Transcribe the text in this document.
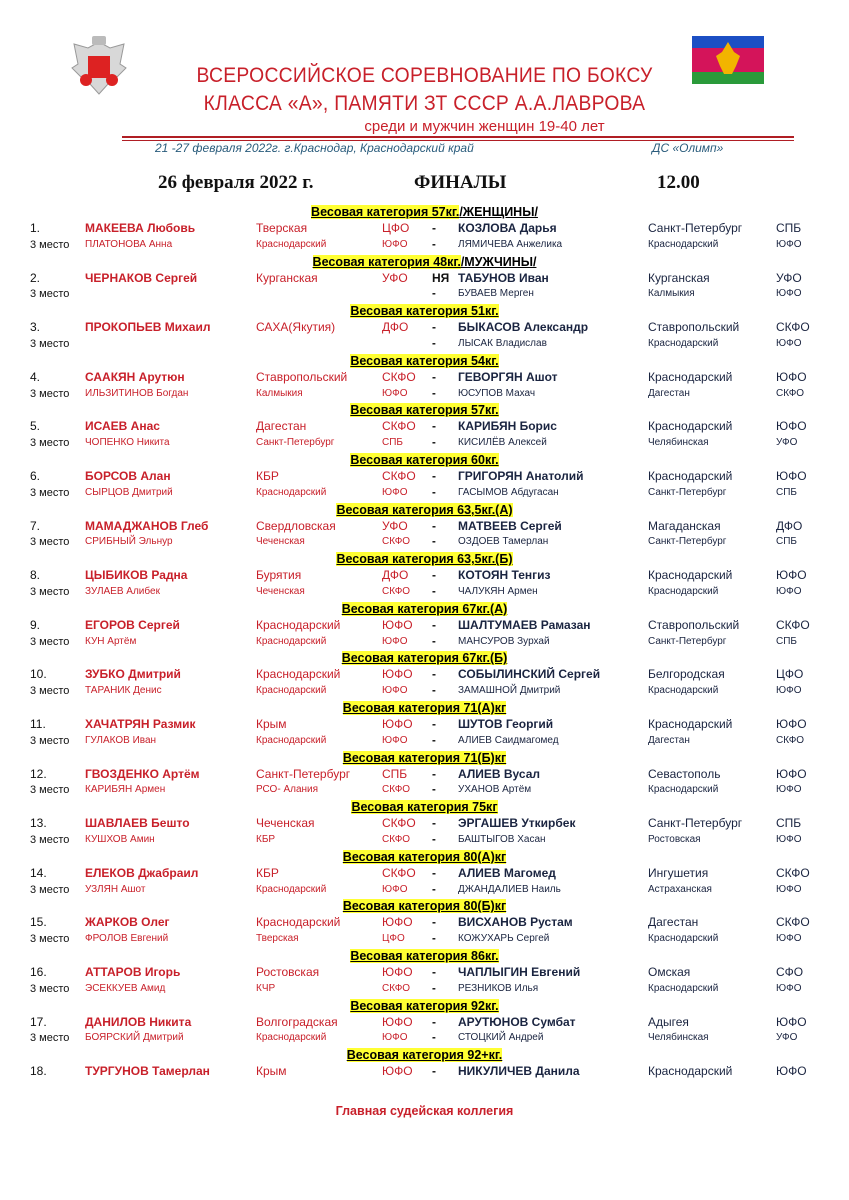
ВСЕРОССИЙСКОЕ СОРЕВНОВАНИЕ ПО БОКСУ
КЛАССА «А», ПАМЯТИ ЗТ СССР А.А.ЛАВРОВА
среди и мужчин женщин 19-40 лет
21 -27 февраля 2022г. г.Краснодар, Краснодарский край	ДС «Олимп»
26 февраля 2022 г.	ФИНАЛЫ	12.00
Весовая категория 57кг./ЖЕНЩИНЫ/
1.	МАКЕЕВА Любовь	Тверская	ЦФО - КОЗЛОВА Дарья	Санкт-Петербург	СПБ
3 место ПЛАТОНОВА Анна	Краснодарский	ЮФО - ЛЯМИЧЕВА Анжелика	Краснодарский	ЮФО
Весовая категория 48кг./МУЖЧИНЫ/
2.	ЧЕРНАКОВ Сергей	Курганская	УФО НЯ ТАБУНОВ Иван	Курганская	УФО
3 место	- БУВАЕВ Мерген	Калмыкия	ЮФО
Весовая категория 51кг.
3.	ПРОКОПЬЕВ Михаил	САХА(Якутия)	ДФО - БЫКАСОВ Александр	Ставропольский	СКФО
3 место	- ЛЫСАК Владислав	Краснодарский	ЮФО
Весовая категория 54кг.
4.	СААКЯН Арутюн	Ставропольский	СКФО - ГЕВОРГЯН Ашот	Краснодарский	ЮФО
3 место ИЛЬЗИТИНОВ Богдан	Калмыкия	ЮФО - ЮСУПОВ Махач	Дагестан	СКФО
Весовая категория 57кг.
5.	ИСАЕВ Анас	Дагестан	СКФО - КАРИБЯН Борис	Краснодарский	ЮФО
3 место ЧОПЕНКО Никита	Санкт-Петербург	СПБ	- КИСИЛЁВ Алексей	Челябинская	УФО
Весовая категория 60кг.
6.	БОРСОВ Алан	КБР	СКФО - ГРИГОРЯН Анатолий	Краснодарский	ЮФО
3 место СЫРЦОВ Дмитрий	Краснодарский	ЮФО - ГАСЫМОВ Абдугасан	Санкт-Петербург	СПБ
Весовая категория 63,5кг.(А)
7.	МАМАДЖАНОВ Глеб	Свердловская	УФО - МАТВЕЕВ Сергей	Магаданская	ДФО
3 место СРИБНЫЙ Эльнур	Чеченская	СКФО - ОЗДОЕВ Тамерлан	Санкт-Петербург	СПБ
Весовая категория 63,5кг.(Б)
8.	ЦЫБИКОВ Радна	Бурятия	ДФО - КОТОЯН Тенгиз	Краснодарский	ЮФО
3 место ЗУЛАЕВ Алибек	Чеченская	СКФО - ЧАЛУКЯН Армен	Краснодарский	ЮФО
Весовая категория 67кг.(А)
9.	ЕГОРОВ Сергей	Краснодарский	ЮФО - ШАЛТУМАЕВ Рамазан	Ставропольский	СКФО
3 место КУН Артём	Краснодарский	ЮФО - МАНСУРОВ Зурхай	Санкт-Петербург	СПБ
Весовая категория 67кг.(Б)
10.	ЗУБКО Дмитрий	Краснодарский	ЮФО - СОБЫЛИНСКИЙ Сергей	Белгородская	ЦФО
3 место ТАРАНИК Денис	Краснодарский	ЮФО - ЗАМАШНОЙ Дмитрий	Краснодарский	ЮФО
Весовая категория 71(А)кг
11.	ХАЧАТРЯН Размик	Крым	ЮФО - ШУТОВ Георгий	Краснодарский	ЮФО
3 место ГУЛАКОВ Иван	Краснодарский	ЮФО - АЛИЕВ Саидмагомед	Дагестан	СКФО
Весовая категория 71(Б)кг
12.	ГВОЗДЕНКО Артём	Санкт-Петербург	СПБ - АЛИЕВ Вусал	Севастополь	ЮФО
3 место КАРИБЯН Армен	РСО- Алания	СКФО - УХАНОВ Артём	Краснодарский	ЮФО
Весовая категория 75кг
13.	ШАВЛАЕВ Бешто	Чеченская	СКФО - ЭРГАШЕВ Уткирбек	Санкт-Петербург	СПБ
3 место КУШХОВ Амин	КБР	СКФО - БАШТЫГОВ Хасан	Ростовская	ЮФО
Весовая категория 80(А)кг
14.	ЕЛЕКОВ Джабраил	КБР	СКФО - АЛИЕВ Магомед	Ингушетия	СКФО
3 место УЗЛЯН Ашот	Краснодарский	ЮФО - ДЖАНДАЛИЕВ Наиль	Астраханская	ЮФО
Весовая категория 80(Б)кг
15.	ЖАРКОВ Олег	Краснодарский	ЮФО - ВИСХАНОВ Рустам	Дагестан	СКФО
3 место ФРОЛОВ Евгений	Тверская	ЦФО - КОЖУХАРЬ Сергей	Краснодарский	ЮФО
Весовая категория 86кг.
16.	АТТАРОВ Игорь	Ростовская	ЮФО - ЧАПЛЫГИН Евгений	Омская	СФО
3 место ЭСЕККУЕВ Амид	КЧР	СКФО - РЕЗНИКОВ Илья	Краснодарский	ЮФО
Весовая категория 92кг.
17.	ДАНИЛОВ Никита	Волгоградская	ЮФО - АРУТЮНОВ Сумбат	Адыгея	ЮФО
3 место БОЯРСКИЙ Дмитрий	Краснодарский	ЮФО - СТОЦКИЙ Андрей	Челябинская	УФО
Весовая категория 92+кг.
18.	ТУРГУНОВ Тамерлан	Крым	ЮФО - НИКУЛИЧЕВ Данила	Краснодарский	ЮФО
Главная судейская коллегия
